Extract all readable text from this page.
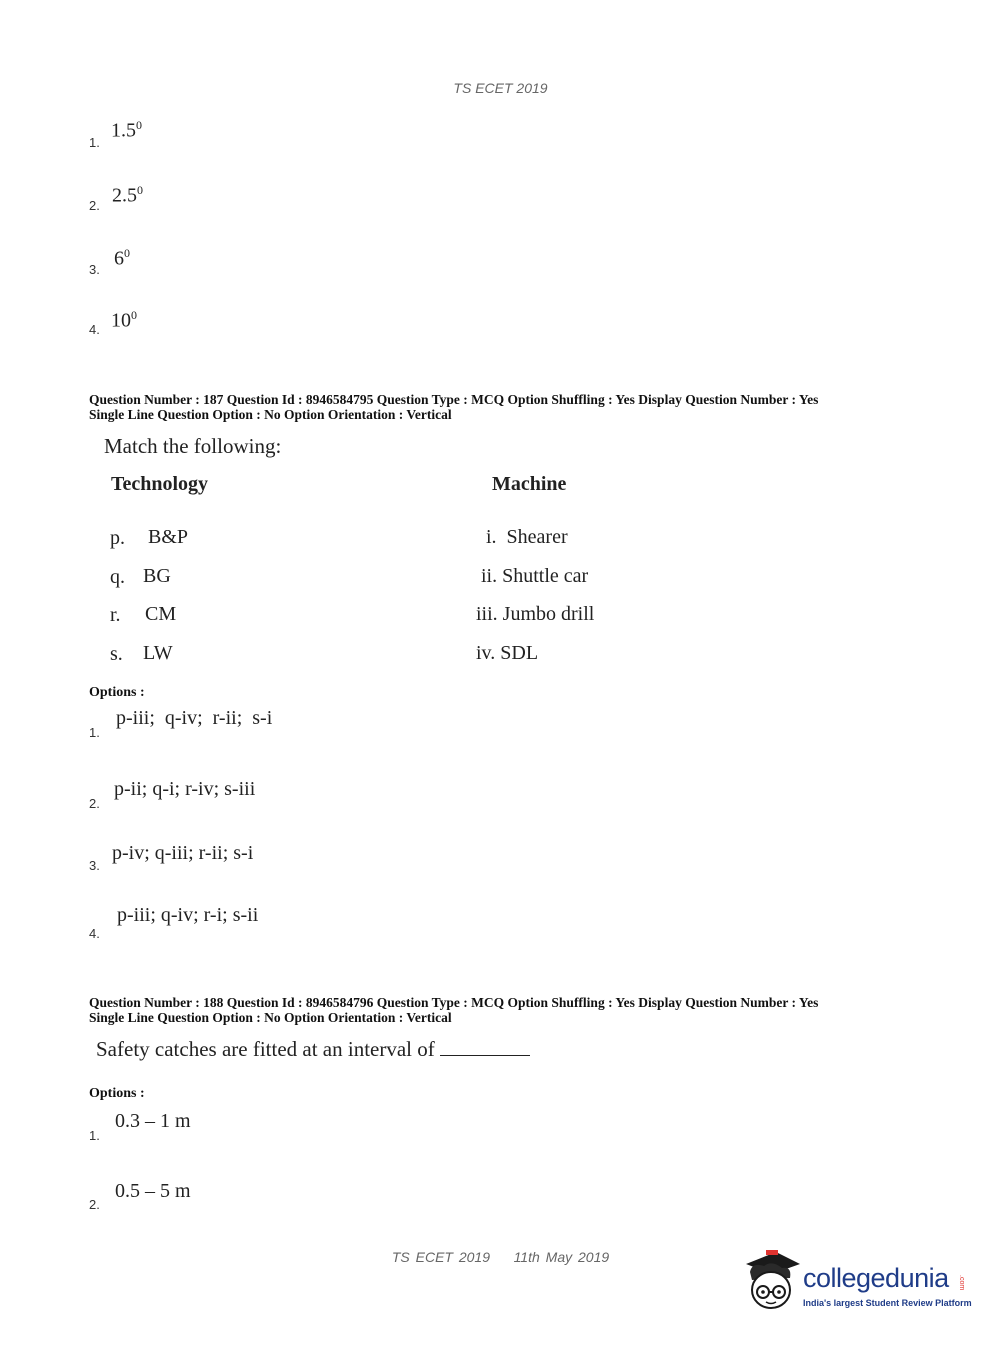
TS ECET 2019
1.
$1.5^0$
2. $2.5^0$
3. $6^0$
4. $10^0$
Question Number : 187 Question Id : 8946584795 Question Type : MCQ Option Shuffling : Yes Display Question Number : Yes
Single Line Question Option : No Option Orientation : Vertical
Match the following:
Technology	Machine
p. B&P
q. BG
r. CM
s. LW
i.  Shearer
ii. Shuttle car
iii. Jumbo drill
iv. SDL
Options :
1.
p-iii;  q-iv;  r-ii;  s-i
2.
p-ii; q-i; r-iv; s-iii
3.
p-iv; q-iii; r-ii; s-i
4.
p-iii; q-iv; r-i; s-ii
Question Number : 188 Question Id : 8946584796 Question Type : MCQ Option Shuffling : Yes Display Question Number : Yes
Single Line Question Option : No Option Orientation : Vertical
Safety catches are fitted at an interval of
Options :
1.
0.3 – 1 m
2.
0.5 – 5 m
TS ECET 2019 11th May 2019
collegedunia .com
India's largest Student Review Platform
